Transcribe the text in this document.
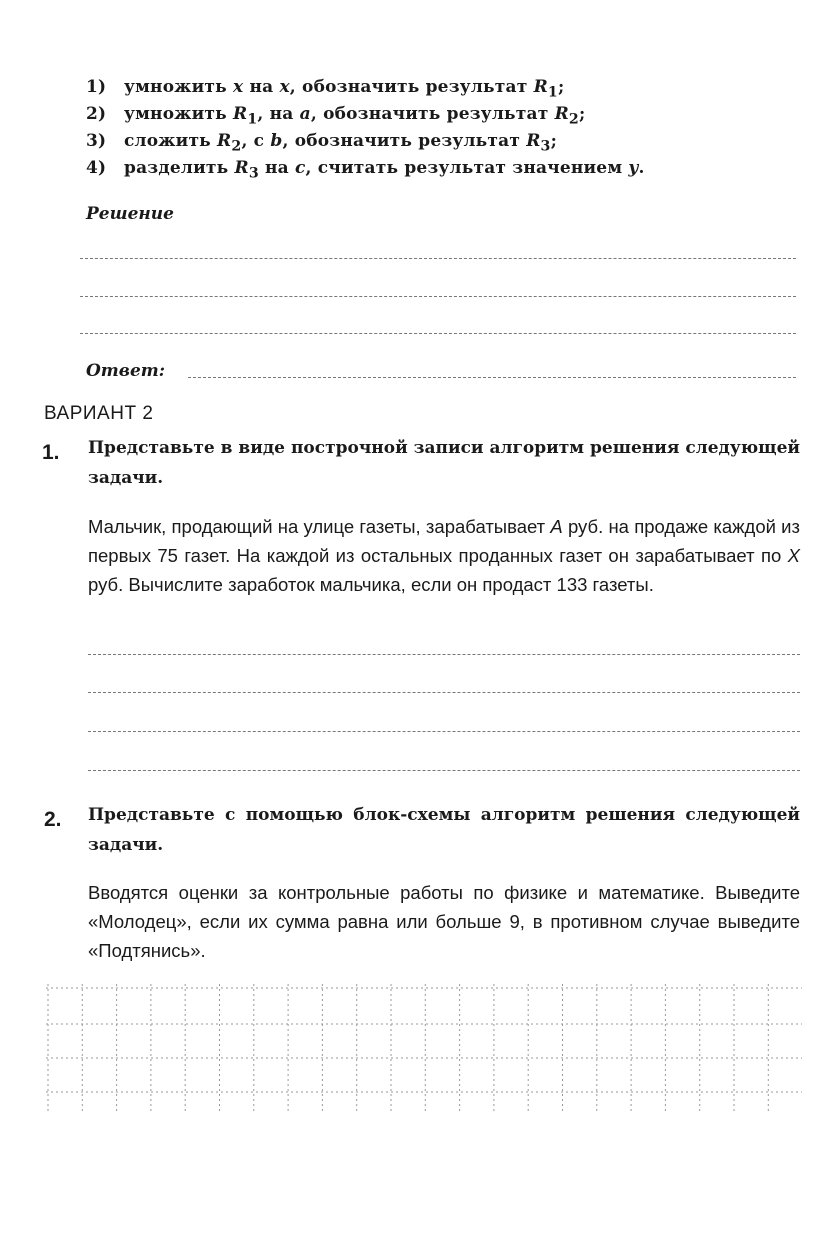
1) умножить x на x, обозначить результат $R_1$;
2) умножить $R_1$, на a, обозначить результат $R_2$;
3) сложить $R_2$, с b, обозначить результат $R_3$;
4) разделить $R_3$ на c, считать результат значением y.
Решение
Ответ:
ВАРИАНТ 2
1. Представьте в виде построчной записи алгоритм решения следующей задачи.
Мальчик, продающий на улице газеты, зарабатывает A руб. на продаже каждой из первых 75 газет. На каждой из остальных проданных газет он зарабатывает по X руб. Вычислите заработок мальчика, если он продаст 133 газеты.
2. Представьте с помощью блок-схемы алгоритм решения следующей задачи.
Вводятся оценки за контрольные работы по физике и математике. Выведите «Молодец», если их сумма равна или больше 9, в противном случае выведите «Подтянись».
